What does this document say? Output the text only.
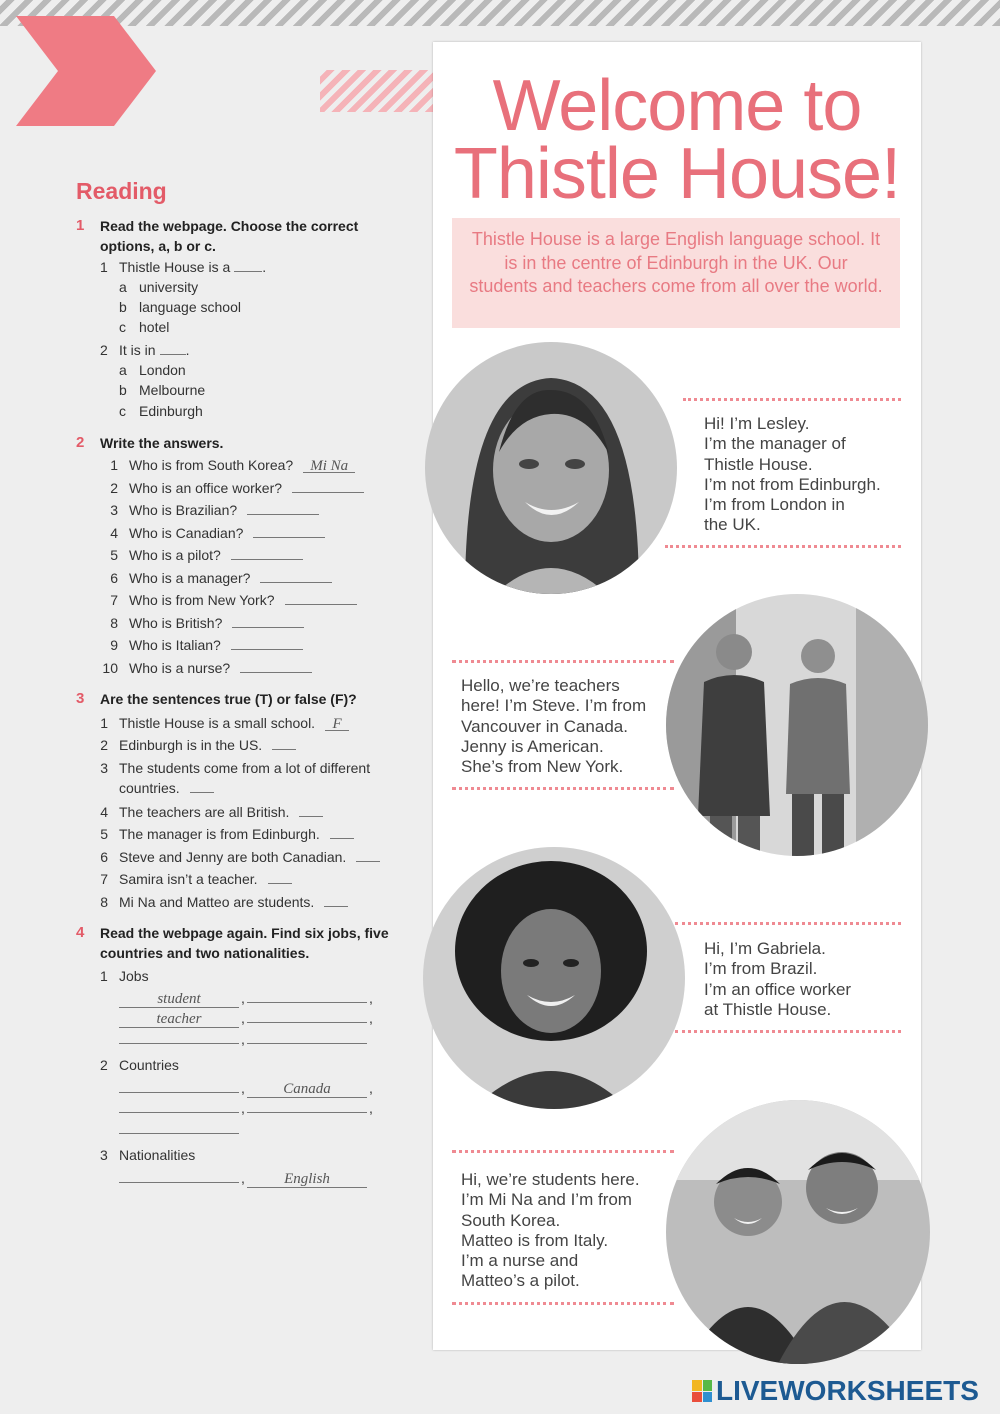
Reading
1 Read the webpage. Choose the correct options, a, b or c.
1 Thistle House is a .
a university
b language school
c hotel
2 It is in .
a London
b Melbourne
c Edinburgh
2 Write the answers.
1 Who is from South Korea? Mi Na
2 Who is an office worker?
3 Who is Brazilian?
4 Who is Canadian?
5 Who is a pilot?
6 Who is a manager?
7 Who is from New York?
8 Who is British?
9 Who is Italian?
10 Who is a nurse?
3 Are the sentences true (T) or false (F)?
1 Thistle House is a small school. F
2 Edinburgh is in the US.
3 The students come from a lot of different countries.
4 The teachers are all British.
5 The manager is from Edinburgh.
6 Steve and Jenny are both Canadian.
7 Samira isn’t a teacher.
8 Mi Na and Matteo are students.
4 Read the webpage again. Find six jobs, five countries and two nationalities.
1 Jobs
student	,	,
teacher	,	,
,
2 Countries
,	Canada	,
,	,
3 Nationalities
,	English
Welcome to
Thistle House!
Thistle House is a large English language school. It is in the centre of Edinburgh in the UK. Our students and teachers come from all over the world.
Hi! I’m Lesley.
I’m the manager of
Thistle House.
I’m not from Edinburgh.
I’m from London in
the UK.
Hello, we’re teachers
here! I’m Steve. I’m from
Vancouver in Canada.
Jenny is American.
She’s from New York.
Hi, I’m Gabriela.
I’m from Brazil.
I’m an office worker
at Thistle House.
Hi, we’re students here.
I’m Mi Na and I’m from
South Korea.
Matteo is from Italy.
I’m a nurse and
Matteo’s a pilot.
LIVEWORKSHEETS
